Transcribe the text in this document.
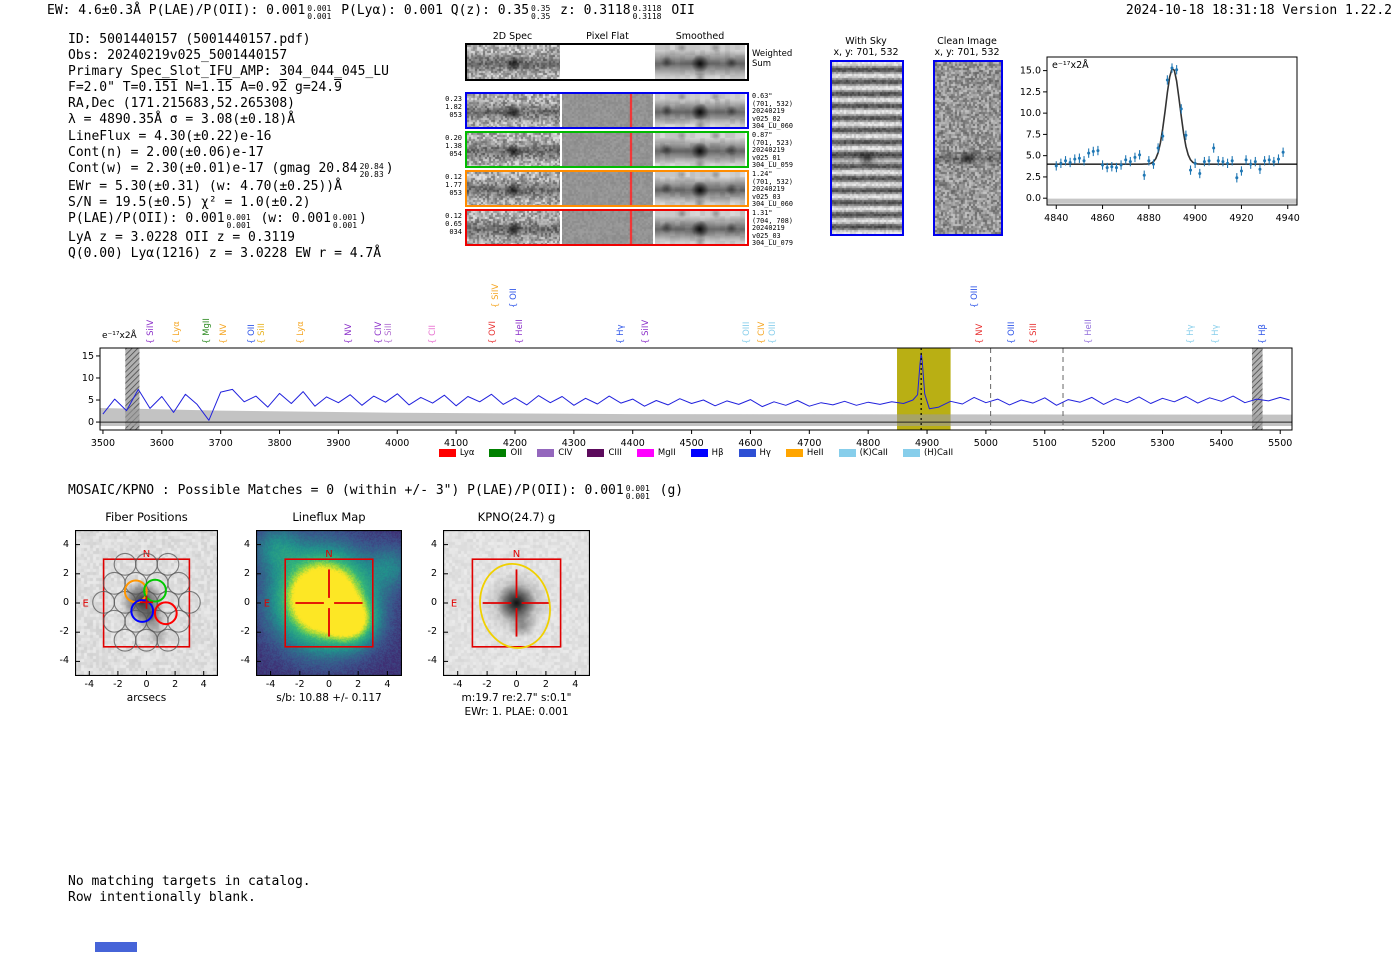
EW: 4.6±0.3Å P(LAE)/P(OII): 0.001 0.001
0.001 P(Lyα): 0.001 Q(z): 0.35 0.35
0.35 z: 0.3118 0.3118
0.3118 OII	2024-10-18 18:31:18 Version 1.22.2
ID: 5001440157 (5001440157.pdf)
Obs: 20240219v025_5001440157
Primary Spec_Slot_IFU_AMP: 304_044_045_LU
F=2.0" T=0.151 N=1.15 A=0.92 g=24.9
RA,Dec (171.215683,52.265308)
λ = 4890.35Å σ = 3.08(±0.18)Å
LineFlux = 4.30(±0.22)e-16
Cont(n) = 2.00(±0.06)e-17
Cont(w) = 2.30(±0.01)e-17 (gmag 20.84 20.84
20.83 )
EWr = 5.30(±0.31) (w: 4.70(±0.25))Å
S/N = 19.5(±0.5) χ² = 1.0(±0.2)
P(LAE)/P(OII): 0.001 0.001
0.001 (w: 0.001 0.001
0.001 )
LyA z = 3.0228 OII z = 0.3119
Q(0.00) Lyα(1216) z = 3.0228 EW r = 4.7Å
2D Spec	Pixel Flat	Smoothed
Weighted
Sum
0.23
1.82
053
0.63"
(701, 532)
20240219
v025_02
304_LU_060
0.20
1.38
054
0.87"
(701, 523)
20240219
v025_01
304_LU_059
0.12
1.77
053
1.24"
(701, 532)
20240219
v025_03
304_LU_060
0.12
0.65
034
1.31"
(704, 708)
20240219
v025_03
304_LU_079
With Sky
x, y: 701, 532
Clean Image
x, y: 701, 532
4840 4860 4880 4900 4920 4940
0.0
2.5
5.0
7.5
10.0
12.5
15.0
e⁻¹⁷x2Å
e⁻¹⁷x2Å { SiIV { Lyα { MgII { NV { OII { SiII	{ Lyα	{ NV { CIV { SiII	{ CII	{ OVI
{ SiIV { OII
{ HeII	{ Hγ { SiIV	{ OIII { CIV { OIII
{ OIII
{ NV	{ OIII { SiII	{ HeII	{ Hγ { Hγ	{ Hβ
3500	3600	3700	3800	3900	4000	4100	4200	4300	4400	4500	4600	4700	4800	4900	5000	5100	5200	5300	5400	5500
0
5
10
15
Lyα	OII	CIV	CIII	MgII	Hβ	Hγ	HeII	(K)CaII	(H)CaII
MOSAIC/KPNO : Possible Matches = 0 (within +/- 3") P(LAE)/P(OII): 0.001 0.001
0.001 (g)
Fiber Positions
N
E
arcsecs
Lineflux Map
N
E
s/b: 10.88 +/- 0.117
KPNO(24.7) g
N
E
m:19.7 re:2.7" s:0.1"
EWr: 1. PLAE: 0.001
No matching targets in catalog.
Row intentionally blank.
-4
-4
-2
-2
0
0
2
2
4
4
-4
-4
-2
-2
0
0
2
2
4
4
-4
-4
-2
-2
0
0
2
2
4
4
